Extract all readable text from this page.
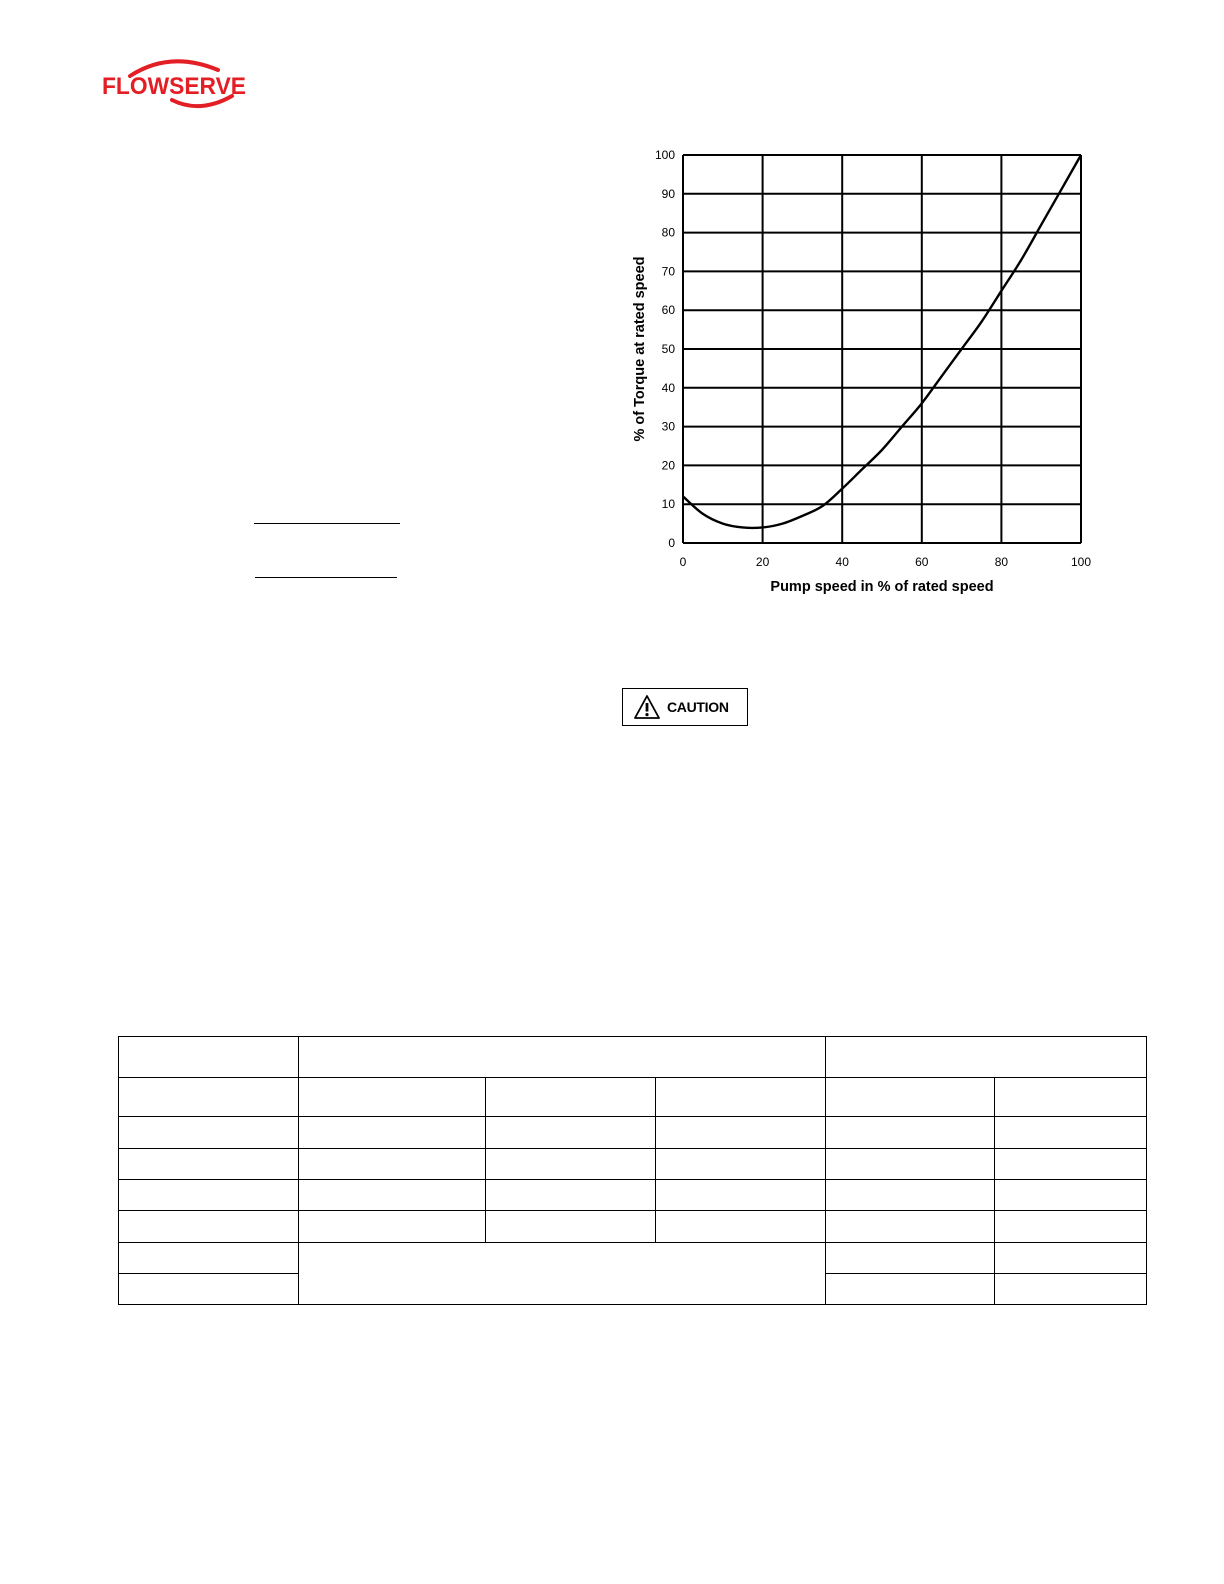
FLOWSERVE
0
10
20
30
40
50
60
70
80
90
100
0	20	40	60	80	100
Pump speed in % of rated speed
% of Torque at rated speed
CAUTION
